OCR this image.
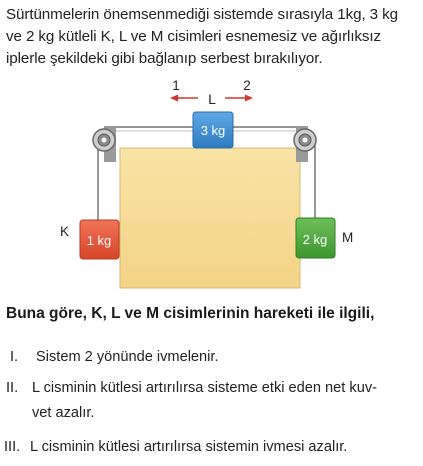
Sürtünmelerin önemsenmediği sistemde sırasıyla 1kg, 3 kg ve 2 kg kütleli K, L ve M cisimleri esnemesiz ve ağırlıksız iplerle şekildeki gibi bağlanıp serbest bırakılıyor.
3 kg
1 kg	2 kg
K	M
1	2
L
Buna göre, K, L ve M cisimlerinin hareketi ile ilgili,
I. Sistem 2 yönünde ivmelenir.
II. L cisminin kütlesi artırılırsa sisteme etki eden net kuv-
vet azalır.
III. L cisminin kütlesi artırılırsa sistemin ivmesi azalır.
